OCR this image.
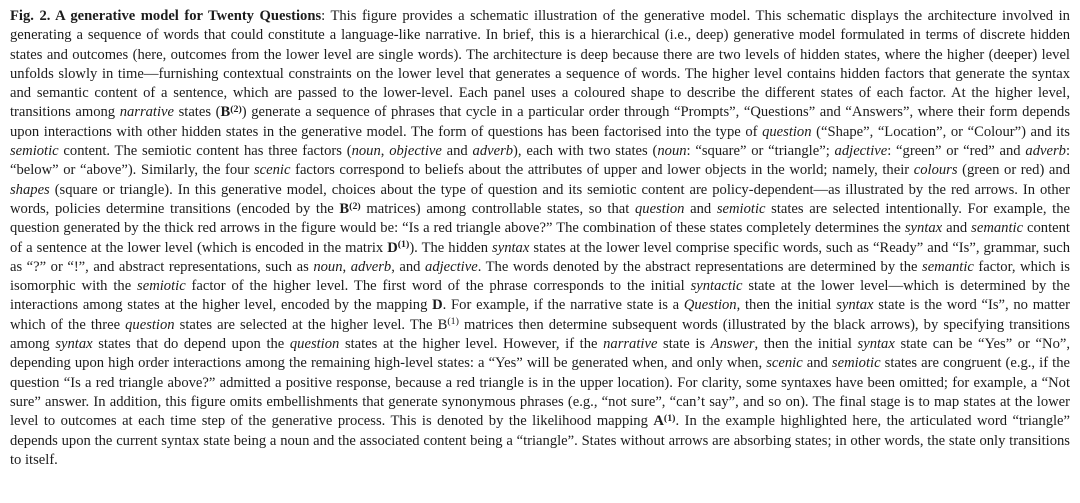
Fig. 2. A generative model for Twenty Questions: This figure provides a schematic illustration of the generative model. This schematic displays the architecture involved in generating a sequence of words that could constitute a language-like narrative. In brief, this is a hierarchical (i.e., deep) generative model formulated in terms of discrete hidden states and outcomes (here, outcomes from the lower level are single words). The architecture is deep because there are two levels of hidden states, where the higher (deeper) level unfolds slowly in time—furnishing contextual constraints on the lower level that generates a sequence of words. The higher level contains hidden factors that generate the syntax and semantic content of a sentence, which are passed to the lower-level. Each panel uses a coloured shape to describe the different states of each factor. At the higher level, transitions among narrative states $(B^{(2)})$ generate a sequence of phrases that cycle in a particular order through “Prompts”, “Questions” and “Answers”, where their form depends upon interactions with other hidden states in the generative model. The form of questions has been factorised into the type of question (“Shape”, “Location”, or “Colour”) and its semiotic content. The semiotic content has three factors (noun, objective and adverb), each with two states (noun: “square” or “triangle”; adjective: “green” or “red” and adverb: “below” or “above”). Similarly, the four scenic factors correspond to beliefs about the attributes of upper and lower objects in the world; namely, their colours (green or red) and shapes (square or triangle). In this generative model, choices about the type of question and its semiotic content are policy-dependent—as illustrated by the red arrows. In other words, policies determine transitions (encoded by the $B^{(2)}$ matrices) among controllable states, so that question and semiotic states are selected intentionally. For example, the question generated by the thick red arrows in the figure would be: “Is a red triangle above?” The combination of these states completely determines the syntax and semantic content of a sentence at the lower level (which is encoded in the matrix $D^{(1)}$). The hidden syntax states at the lower level comprise specific words, such as “Ready” and “Is”, grammar, such as “?” or “!”, and abstract representations, such as noun, adverb, and adjective. The words denoted by the abstract representations are determined by the semantic factor, which is isomorphic with the semiotic factor of the higher level. The first word of the phrase corresponds to the initial syntactic state at the lower level—which is determined by the interactions among states at the higher level, encoded by the mapping D. For example, if the narrative state is a Question, then the initial syntax state is the word “Is”, no matter which of the three question states are selected at the higher level. The $B^{(1)}$ matrices then determine subsequent words (illustrated by the black arrows), by specifying transitions among syntax states that do depend upon the question states at the higher level. However, if the narrative state is Answer, then the initial syntax state can be “Yes” or “No”, depending upon high order interactions among the remaining high-level states: a “Yes” will be generated when, and only when, scenic and semiotic states are congruent (e.g., if the question “Is a red triangle above?” admitted a positive response, because a red triangle is in the upper location). For clarity, some syntaxes have been omitted; for example, a “Not sure” answer. In addition, this figure omits embellishments that generate synonymous phrases (e.g., “not sure”, “can’t say”, and so on). The final stage is to map states at the lower level to outcomes at each time step of the generative process. This is denoted by the likelihood mapping $A^{(1)}$. In the example highlighted here, the articulated word “triangle” depends upon the current syntax state being a noun and the associated content being a “triangle”. States without arrows are absorbing states; in other words, the state only transitions to itself.
